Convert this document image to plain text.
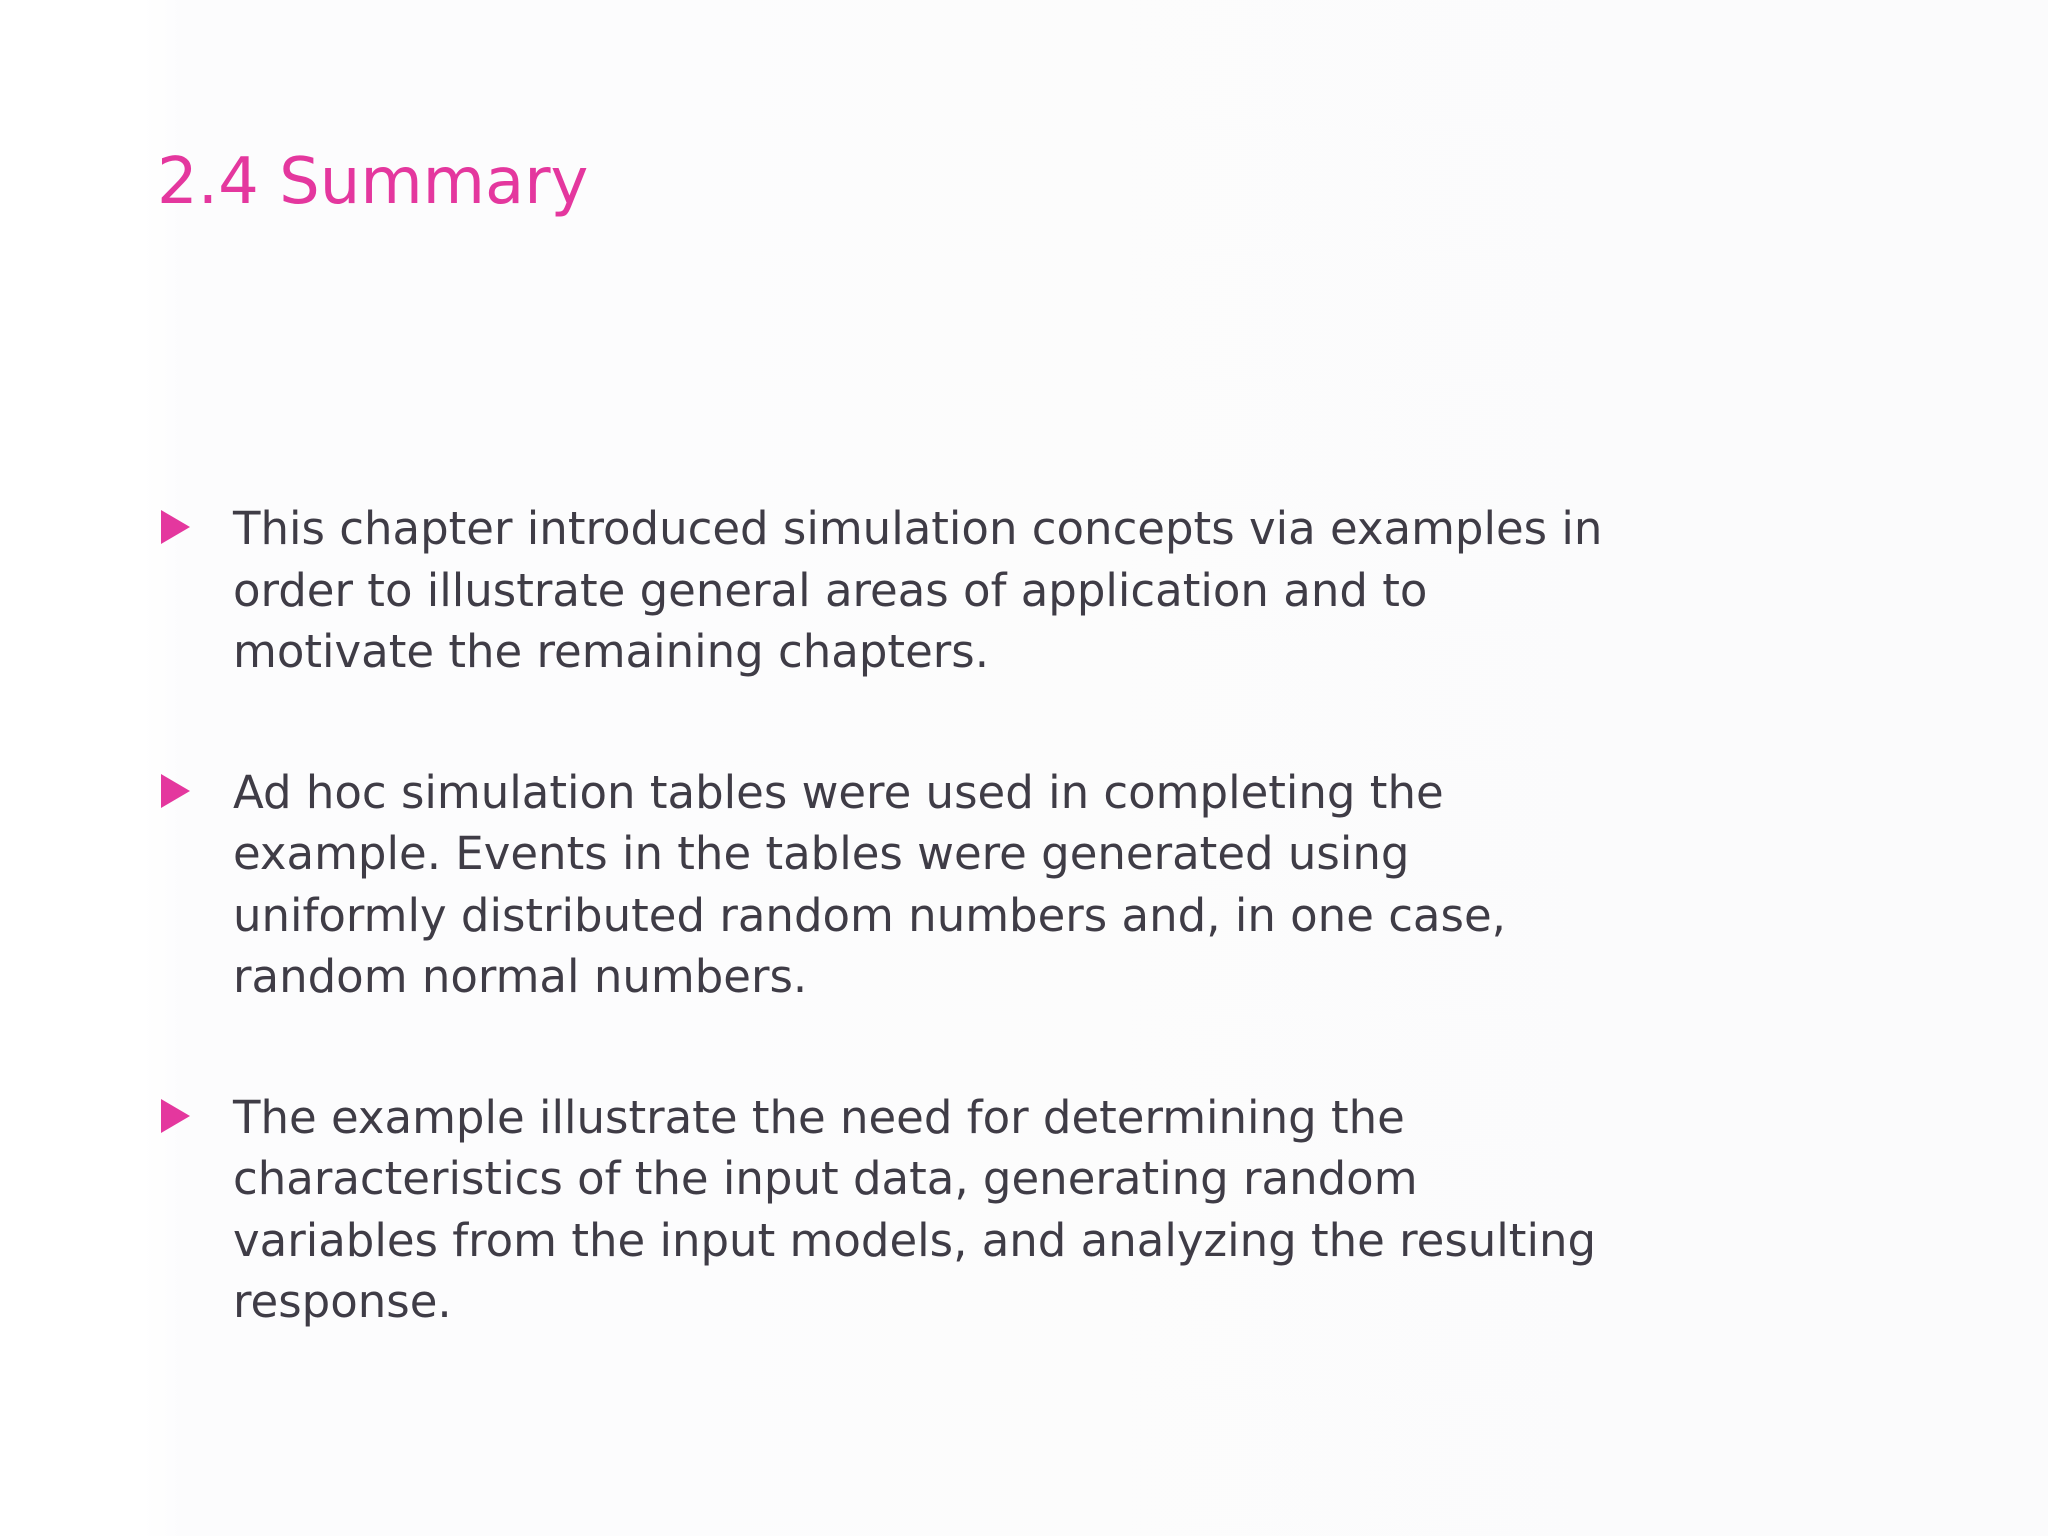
2.4 Summary
This chapter introduced simulation concepts via examples in order to illustrate general areas of application and to motivate the remaining chapters.
Ad hoc simulation tables were used in completing the example. Events in the tables were generated using uniformly distributed random numbers and, in one case, random normal numbers.
The example illustrate the need for determining the characteristics of the input data, generating random variables from the input models, and analyzing the resulting response.
